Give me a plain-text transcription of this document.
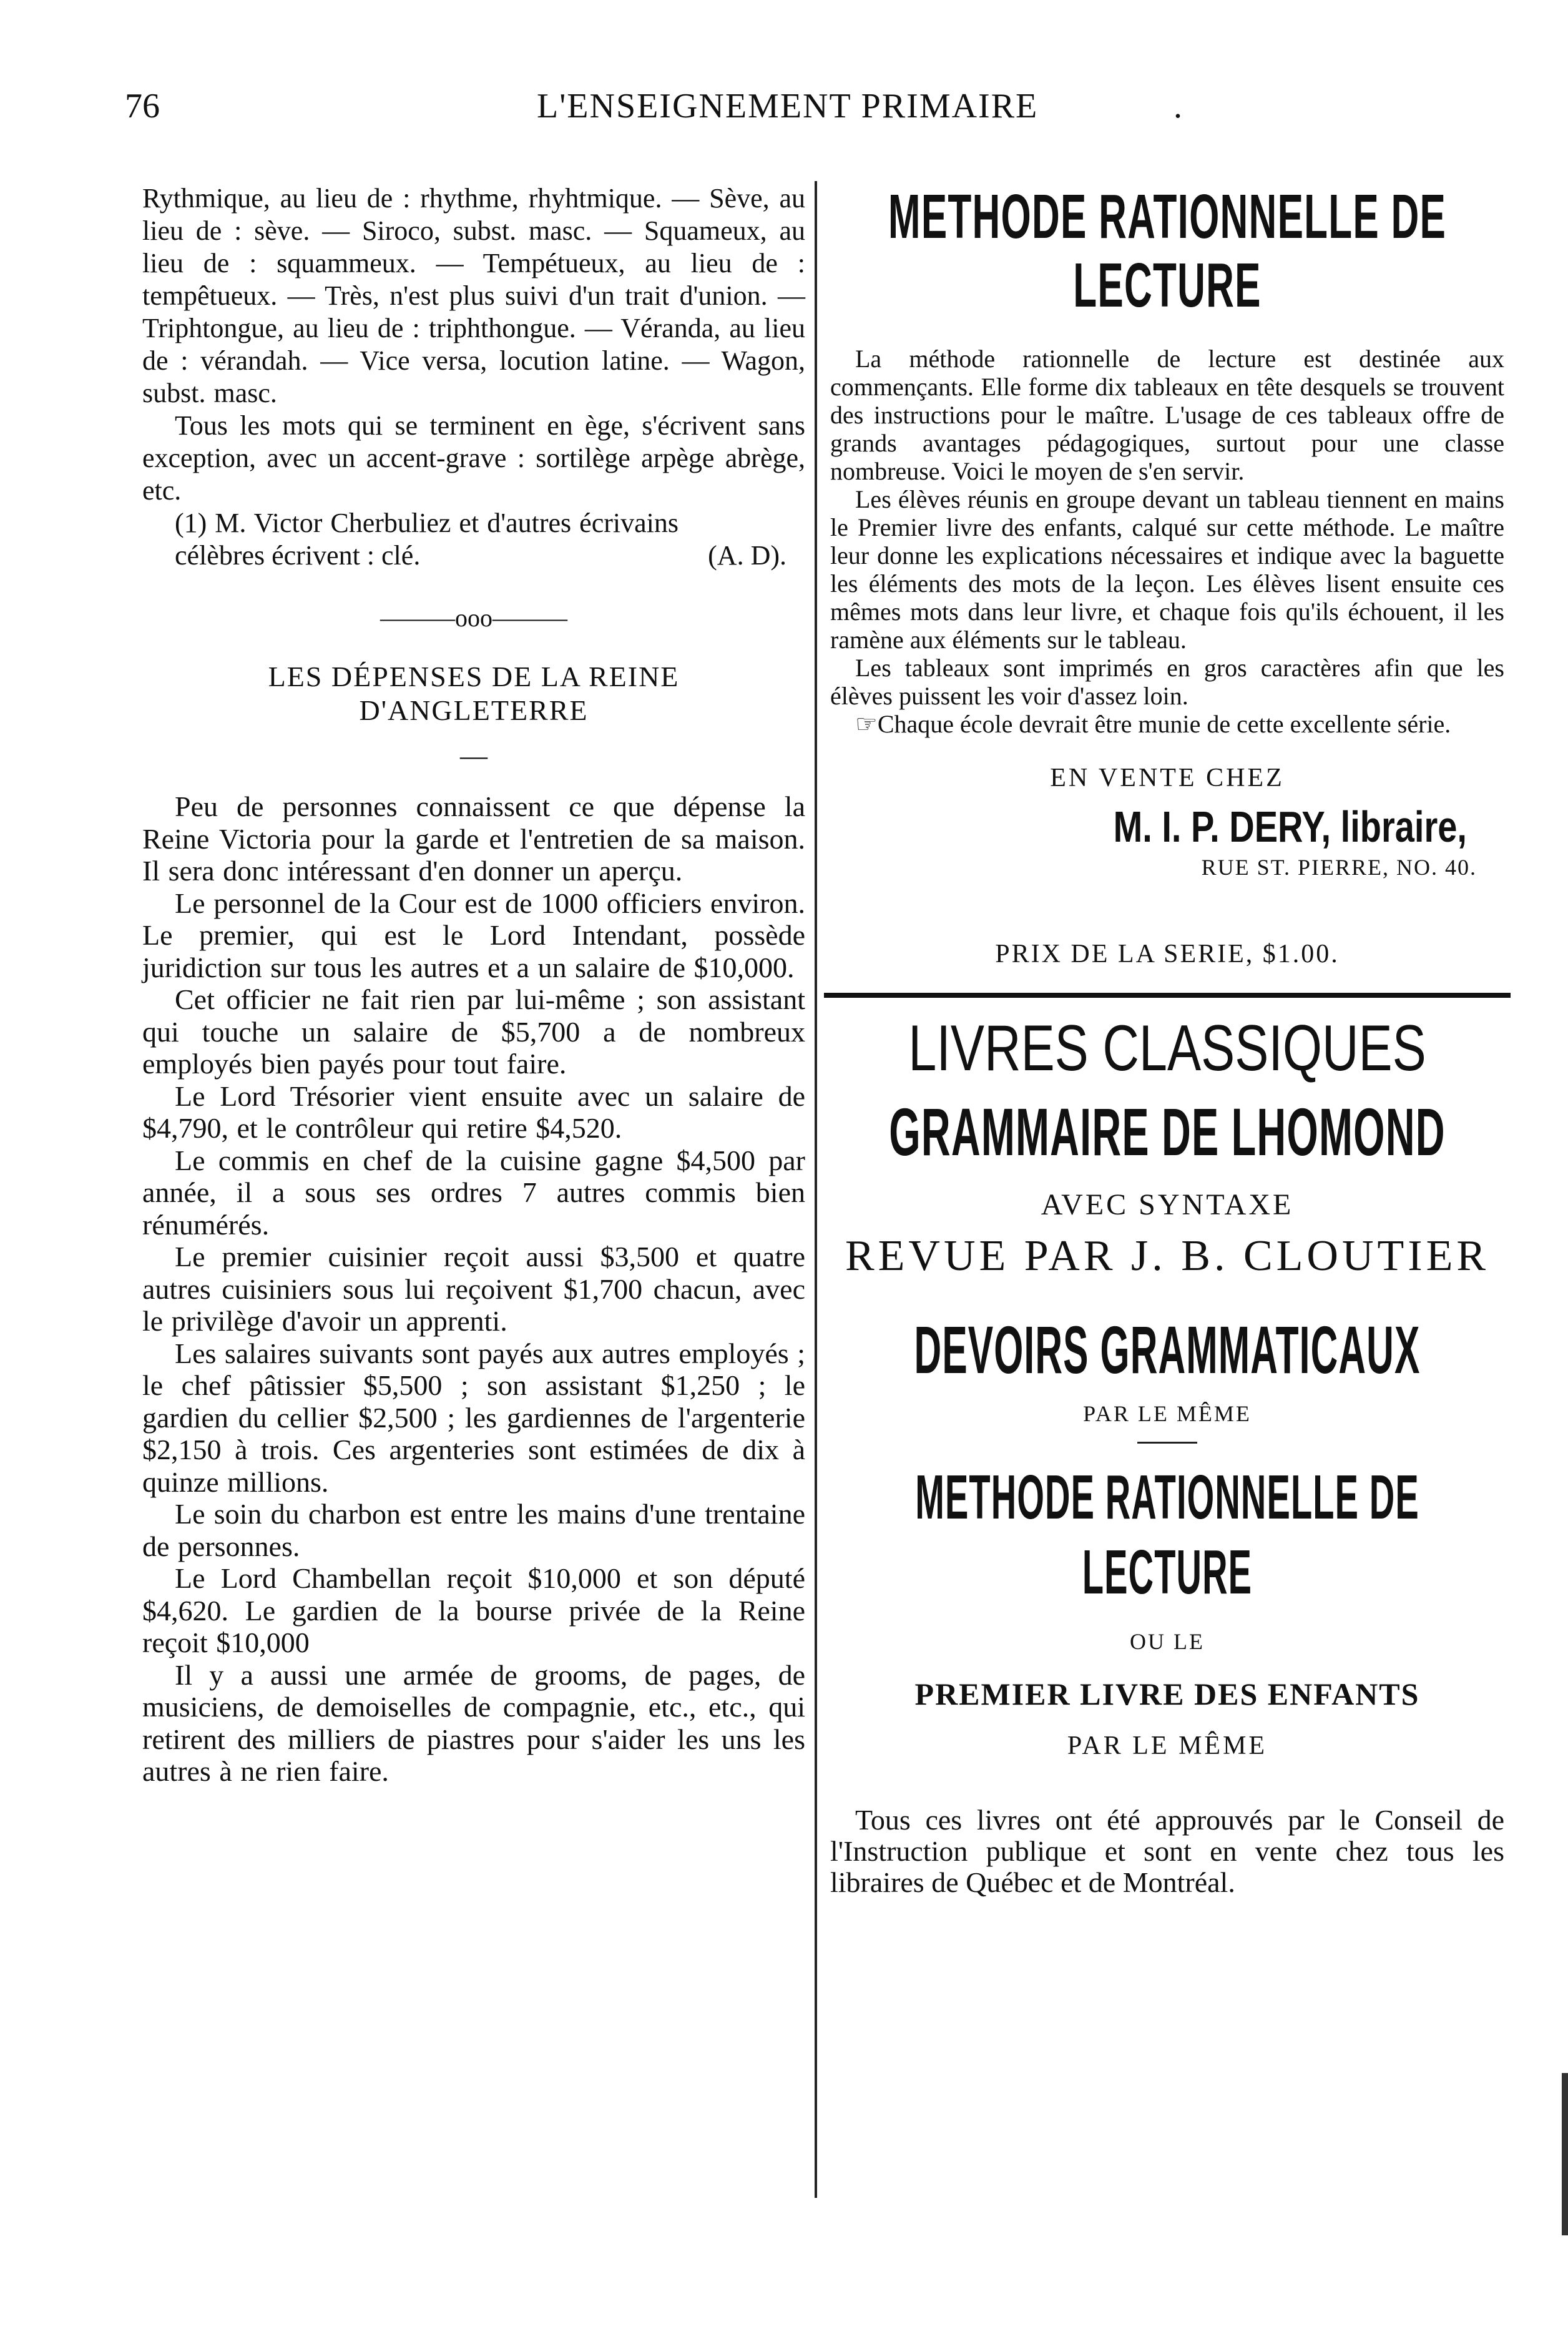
76	L'ENSEIGNEMENT PRIMAIRE	.

Rythmique, au lieu de : rhythme, rhyhtmique. — Sève, au lieu de : sève. — Siroco, subst. masc. — Squameux, au lieu de : squammeux. — Tempétueux, au lieu de : tempêtueux. — Très, n'est plus suivi d'un trait d'union. — Triphtongue, au lieu de : triphthongue. — Véranda, au lieu de : vérandah. — Vice versa, locution latine. — Wagon, subst. masc.

Tous les mots qui se terminent en ège, s'écrivent sans exception, avec un accent-grave : sortilège arpège abrège, etc.

(1) M. Victor Cherbuliez et d'autres écrivains

célèbres écrivent : clé.	(A. D).
———ooo———
LES DÉPENSES DE LA REINE
D'ANGLETERRE
—

Peu de personnes connaissent ce que dépense la Reine Victoria pour la garde et l'entretien de sa maison. Il sera donc intéressant d'en donner un aperçu.

Le personnel de la Cour est de 1000 officiers environ. Le premier, qui est le Lord Intendant, possède juridiction sur tous les autres et a un salaire de $10,000.

Cet officier ne fait rien par lui-même ; son assistant qui touche un salaire de $5,700 a de nombreux employés bien payés pour tout faire.

Le Lord Trésorier vient ensuite avec un salaire de $4,790, et le contrôleur qui retire $4,520.

Le commis en chef de la cuisine gagne $4,500 par année, il a sous ses ordres 7 autres commis bien rénumérés.

Le premier cuisinier reçoit aussi $3,500 et quatre autres cuisiniers sous lui reçoivent $1,700 chacun, avec le privilège d'avoir un apprenti.

Les salaires suivants sont payés aux autres employés ; le chef pâtissier $5,500 ; son assistant $1,250 ; le gardien du cellier $2,500 ; les gardiennes de l'argenterie $2,150 à trois. Ces argenteries sont estimées de dix à quinze millions.

Le soin du charbon est entre les mains d'une trentaine de personnes.

Le Lord Chambellan reçoit $10,000 et son député $4,620. Le gardien de la bourse privée de la Reine reçoit $10,000

Il y a aussi une armée de grooms, de pages, de musiciens, de demoiselles de compagnie, etc., etc., qui retirent des milliers de piastres pour s'aider les uns les autres à ne rien faire.

METHODE RATIONNELLE DE LECTURE

La méthode rationnelle de lecture est destinée aux commençants. Elle forme dix tableaux en tête desquels se trouvent des instructions pour le maître. L'usage de ces tableaux offre de grands avantages pédagogiques, surtout pour une classe nombreuse. Voici le moyen de s'en servir.

Les élèves réunis en groupe devant un tableau tiennent en mains le Premier livre des enfants, calqué sur cette méthode. Le maître leur donne les explications nécessaires et indique avec la baguette les éléments des mots de la leçon. Les élèves lisent ensuite ces mêmes mots dans leur livre, et chaque fois qu'ils échouent, il les ramène aux éléments sur le tableau.

Les tableaux sont imprimés en gros caractères afin que les élèves puissent les voir d'assez loin.

☞Chaque école devrait être munie de cette excellente série.

EN VENTE CHEZ
M. I. P. DERY, libraire,
RUE ST. PIERRE, NO. 40.
PRIX DE LA SERIE, $1.00.
LIVRES CLASSIQUES
GRAMMAIRE DE LHOMOND
AVEC SYNTAXE
REVUE PAR J. B. CLOUTIER
DEVOIRS GRAMMATICAUX
PAR LE MÊME
METHODE RATIONNELLE DE LECTURE
OU LE
PREMIER LIVRE DES ENFANTS
PAR LE MÊME

Tous ces livres ont été approuvés par le Conseil de l'Instruction publique et sont en vente chez tous les libraires de Québec et de Montréal.
